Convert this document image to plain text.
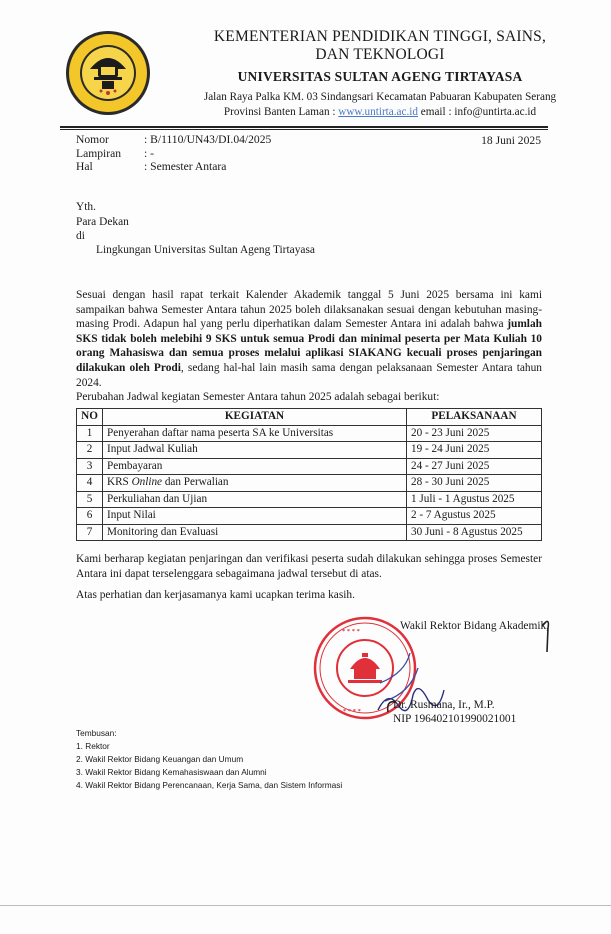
KEMENTERIAN PENDIDIKAN TINGGI, SAINS,
DAN TEKNOLOGI
UNIVERSITAS SULTAN AGENG TIRTAYASA
Jalan Raya Palka KM. 03 Sindangsari Kecamatan Pabuaran Kabupaten Serang
Provinsi Banten Laman : www.untirta.ac.id email : info@untirta.ac.id
Nomor	: B/1110/UN43/DI.04/2025
Lampiran : -
Hal	: Semester Antara
18 Juni 2025
Yth.
Para Dekan
di
Lingkungan Universitas Sultan Ageng Tirtayasa
Sesuai dengan hasil rapat terkait Kalender Akademik tanggal 5 Juni 2025 bersama ini kami sampaikan bahwa Semester Antara tahun 2025 boleh dilaksanakan sesuai dengan kebutuhan masing-masing Prodi. Adapun hal yang perlu diperhatikan dalam Semester Antara ini adalah bahwa jumlah SKS tidak boleh melebihi 9 SKS untuk semua Prodi dan minimal peserta per Mata Kuliah 10 orang Mahasiswa dan semua proses melalui aplikasi SIAKANG kecuali proses penjaringan dilakukan oleh Prodi, sedang hal-hal lain masih sama dengan pelaksanaan Semester Antara tahun 2024.
Perubahan Jadwal kegiatan Semester Antara tahun 2025 adalah sebagai berikut:
NO	KEGIATAN	PELAKSANAAN
1	Penyerahan daftar nama peserta SA ke Universitas	20 - 23 Juni 2025
2	Input Jadwal Kuliah	19 - 24 Juni 2025
3	Pembayaran	24 - 27 Juni 2025
4	KRS Online dan Perwalian	28 - 30 Juni 2025
5	Perkuliahan dan Ujian	1 Juli - 1 Agustus 2025
6	Input Nilai	2 - 7 Agustus 2025
7	Monitoring dan Evaluasi	30 Juni - 8 Agustus 2025
Kami berharap kegiatan penjaringan dan verifikasi peserta sudah dilakukan sehingga proses Semester Antara ini dapat terselenggara sebagaimana jadwal tersebut di atas.
Atas perhatian dan kerjasamanya kami ucapkan terima kasih.
* * * *
* * * *
Wakil Rektor Bidang Akademik,
Dr. Rusmana, Ir., M.P.
NIP 196402101990021001
Tembusan:
1. Rektor
2. Wakil Rektor Bidang Keuangan dan Umum
3. Wakil Rektor Bidang Kemahasiswaan dan Alumni
4. Wakil Rektor Bidang Perencanaan, Kerja Sama, dan Sistem Informasi
